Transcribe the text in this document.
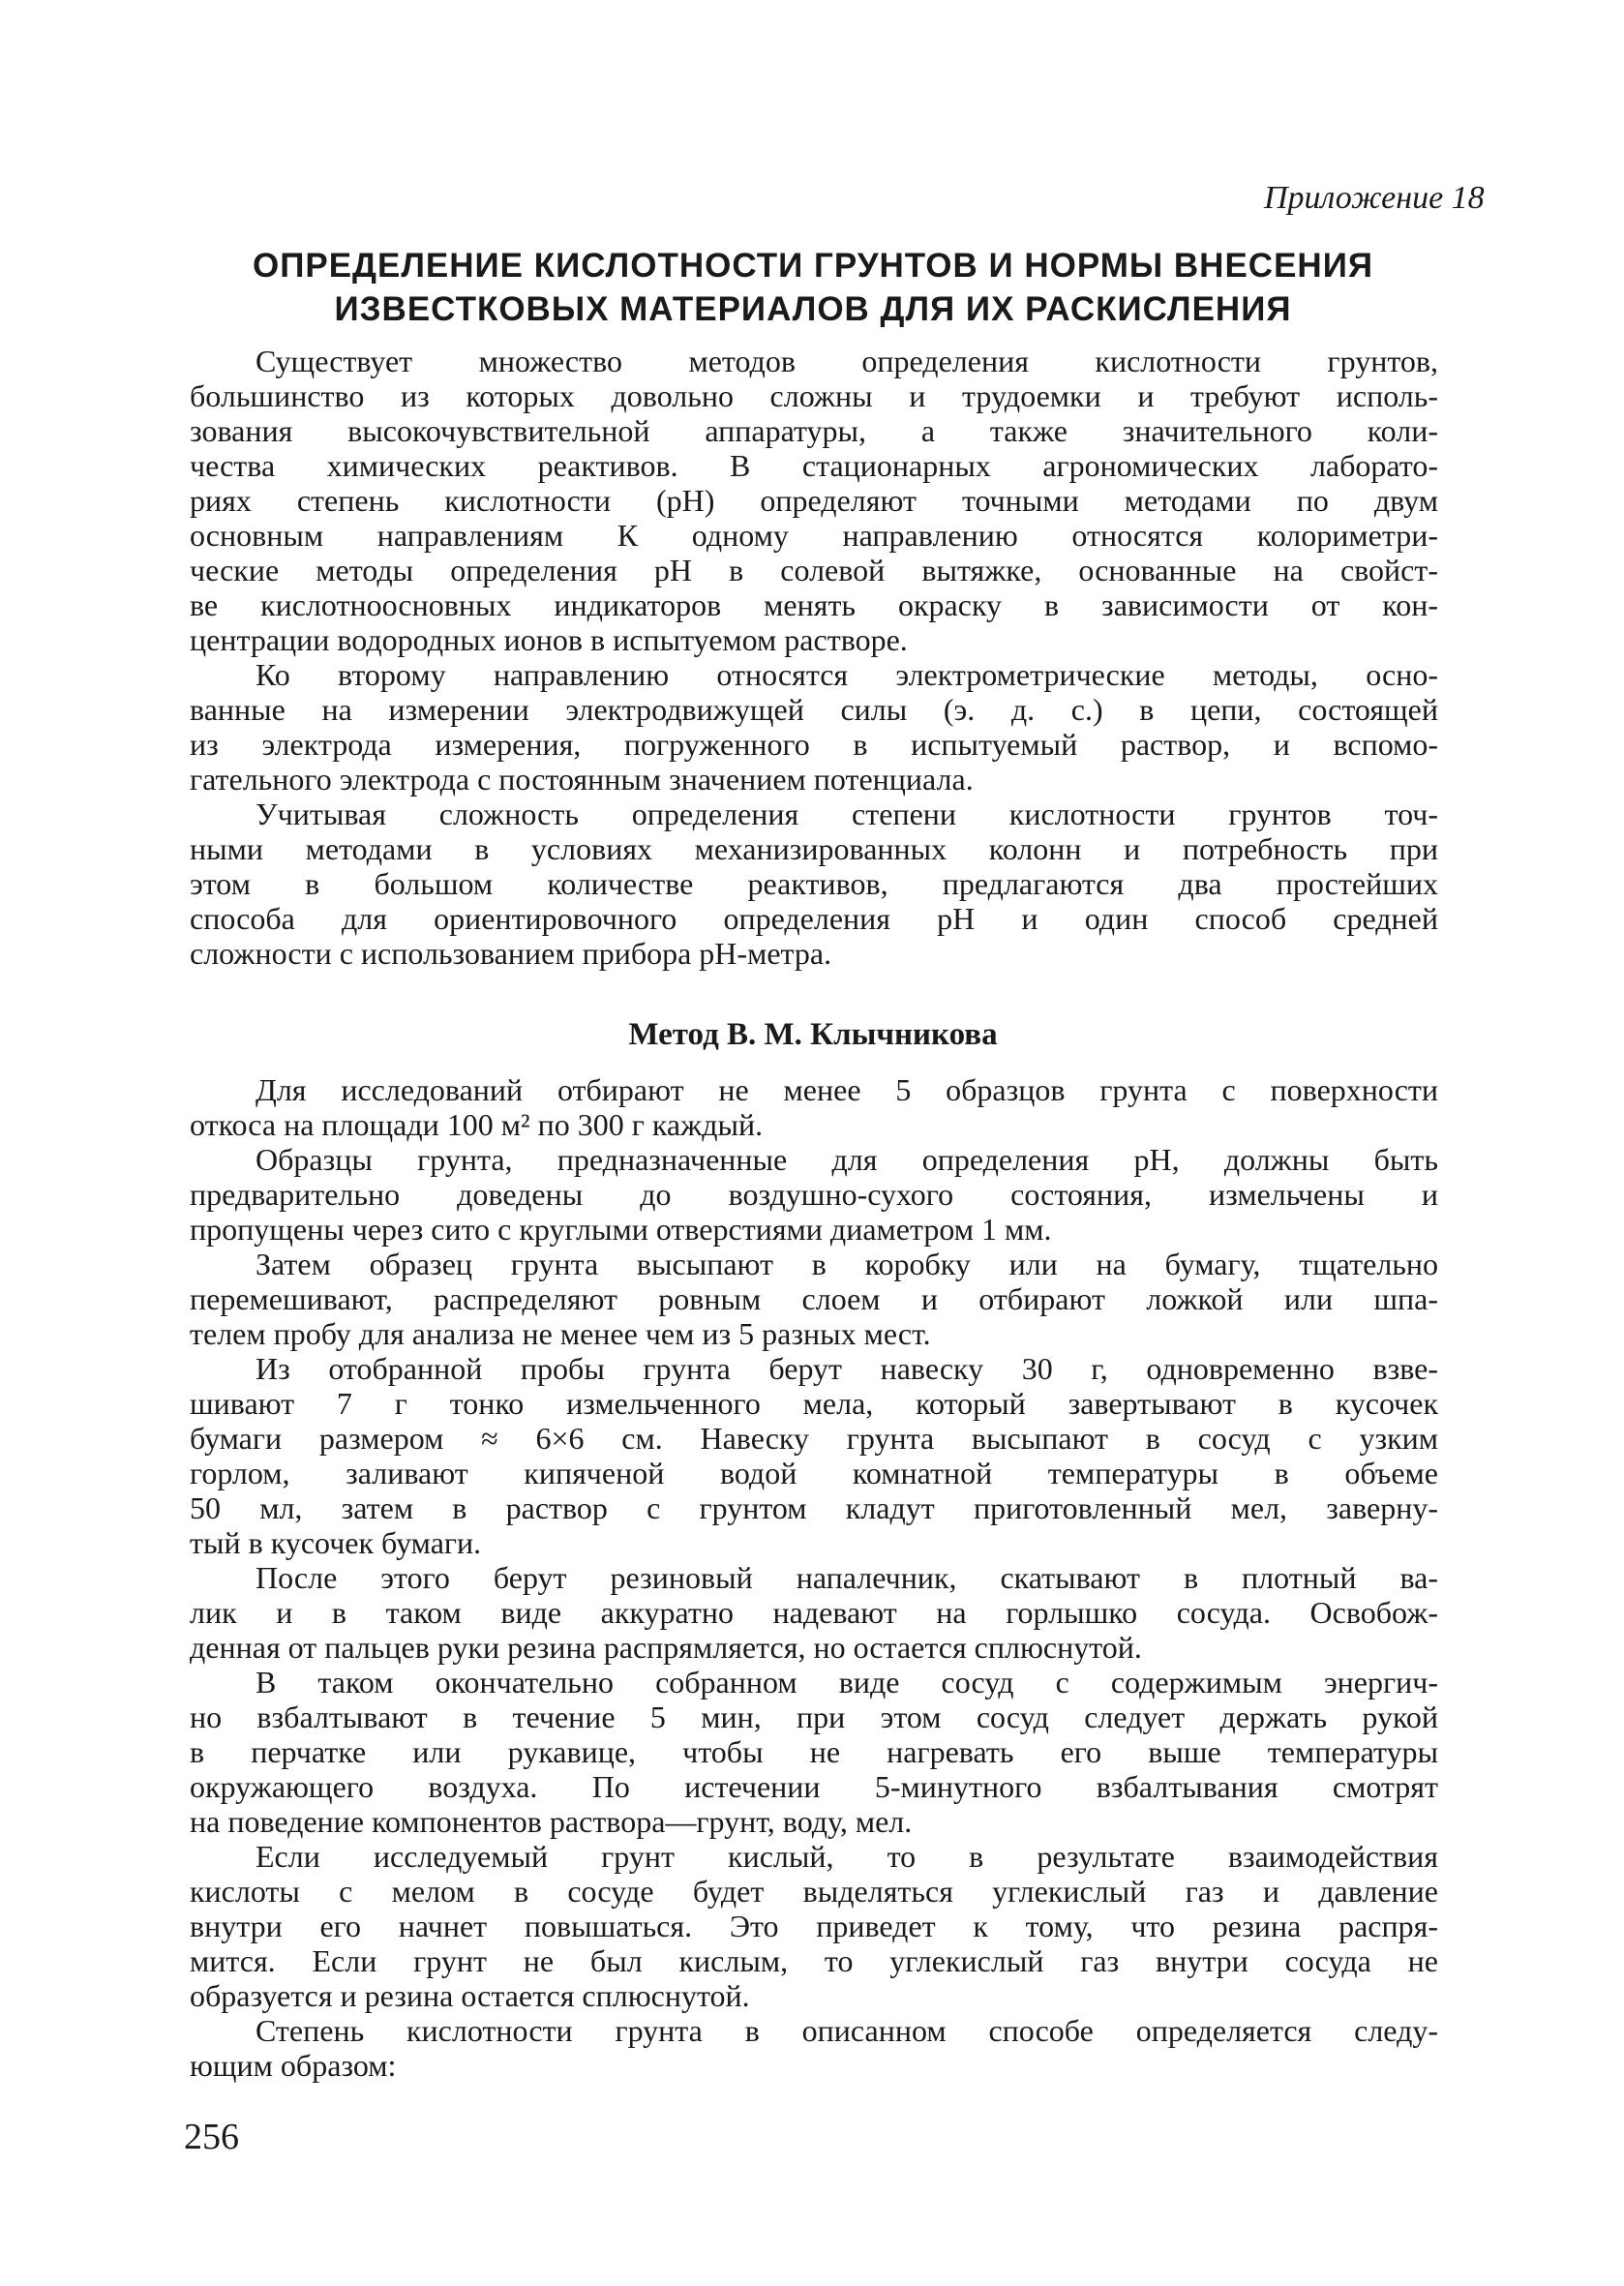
Приложение 18
ОПРЕДЕЛЕНИЕ КИСЛОТНОСТИ ГРУНТОВ И НОРМЫ ВНЕСЕНИЯ
ИЗВЕСТКОВЫХ МАТЕРИАЛОВ ДЛЯ ИХ РАСКИСЛЕНИЯ
Существует множество методов определения кислотности грунтов,
большинство из которых довольно сложны и трудоемки и требуют исполь-
зования высокочувствительной аппаратуры, а также значительного коли-
чества химических реактивов. В стационарных агрономических лаборато-
риях степень кислотности (pH) определяют точными методами по двум
основным направлениям К одному направлению относятся колориметри-
ческие методы определения pH в солевой вытяжке, основанные на свойст-
ве кислотноосновных индикаторов менять окраску в зависимости от кон-
центрации водородных ионов в испытуемом растворе.
Ко второму направлению относятся электрометрические методы, осно-
ванные на измерении электродвижущей силы (э. д. с.) в цепи, состоящей
из электрода измерения, погруженного в испытуемый раствор, и вспомо-
гательного электрода с постоянным значением потенциала.
Учитывая сложность определения степени кислотности грунтов точ-
ными методами в условиях механизированных колонн и потребность при
этом в большом количестве реактивов, предлагаются два простейших
способа для ориентировочного определения pH и один способ средней
сложности с использованием прибора pH-метра.
Метод В. М. Клычникова
Для исследований отбирают не менее 5 образцов грунта с поверхности
откоса на площади 100 м² по 300 г каждый.
Образцы грунта, предназначенные для определения pH, должны быть
предварительно доведены до воздушно-сухого состояния, измельчены и
пропущены через сито с круглыми отверстиями диаметром 1 мм.
Затем образец грунта высыпают в коробку или на бумагу, тщательно
перемешивают, распределяют ровным слоем и отбирают ложкой или шпа-
телем пробу для анализа не менее чем из 5 разных мест.
Из отобранной пробы грунта берут навеску 30 г, одновременно взве-
шивают 7 г тонко измельченного мела, который завертывают в кусочек
бумаги размером ≈ 6×6 см. Навеску грунта высыпают в сосуд с узким
горлом, заливают кипяченой водой комнатной температуры в объеме
50 мл, затем в раствор с грунтом кладут приготовленный мел, заверну-
тый в кусочек бумаги.
После этого берут резиновый напалечник, скатывают в плотный ва-
лик и в таком виде аккуратно надевают на горлышко сосуда. Освобож-
денная от пальцев руки резина распрямляется, но остается сплюснутой.
В таком окончательно собранном виде сосуд с содержимым энергич-
но взбалтывают в течение 5 мин, при этом сосуд следует держать рукой
в перчатке или рукавице, чтобы не нагревать его выше температуры
окружающего воздуха. По истечении 5-минутного взбалтывания смотрят
на поведение компонентов раствора—грунт, воду, мел.
Если исследуемый грунт кислый, то в результате взаимодействия
кислоты с мелом в сосуде будет выделяться углекислый газ и давление
внутри его начнет повышаться. Это приведет к тому, что резина распря-
мится. Если грунт не был кислым, то углекислый газ внутри сосуда не
образуется и резина остается сплюснутой.
Степень кислотности грунта в описанном способе определяется следу-
ющим образом:
256
